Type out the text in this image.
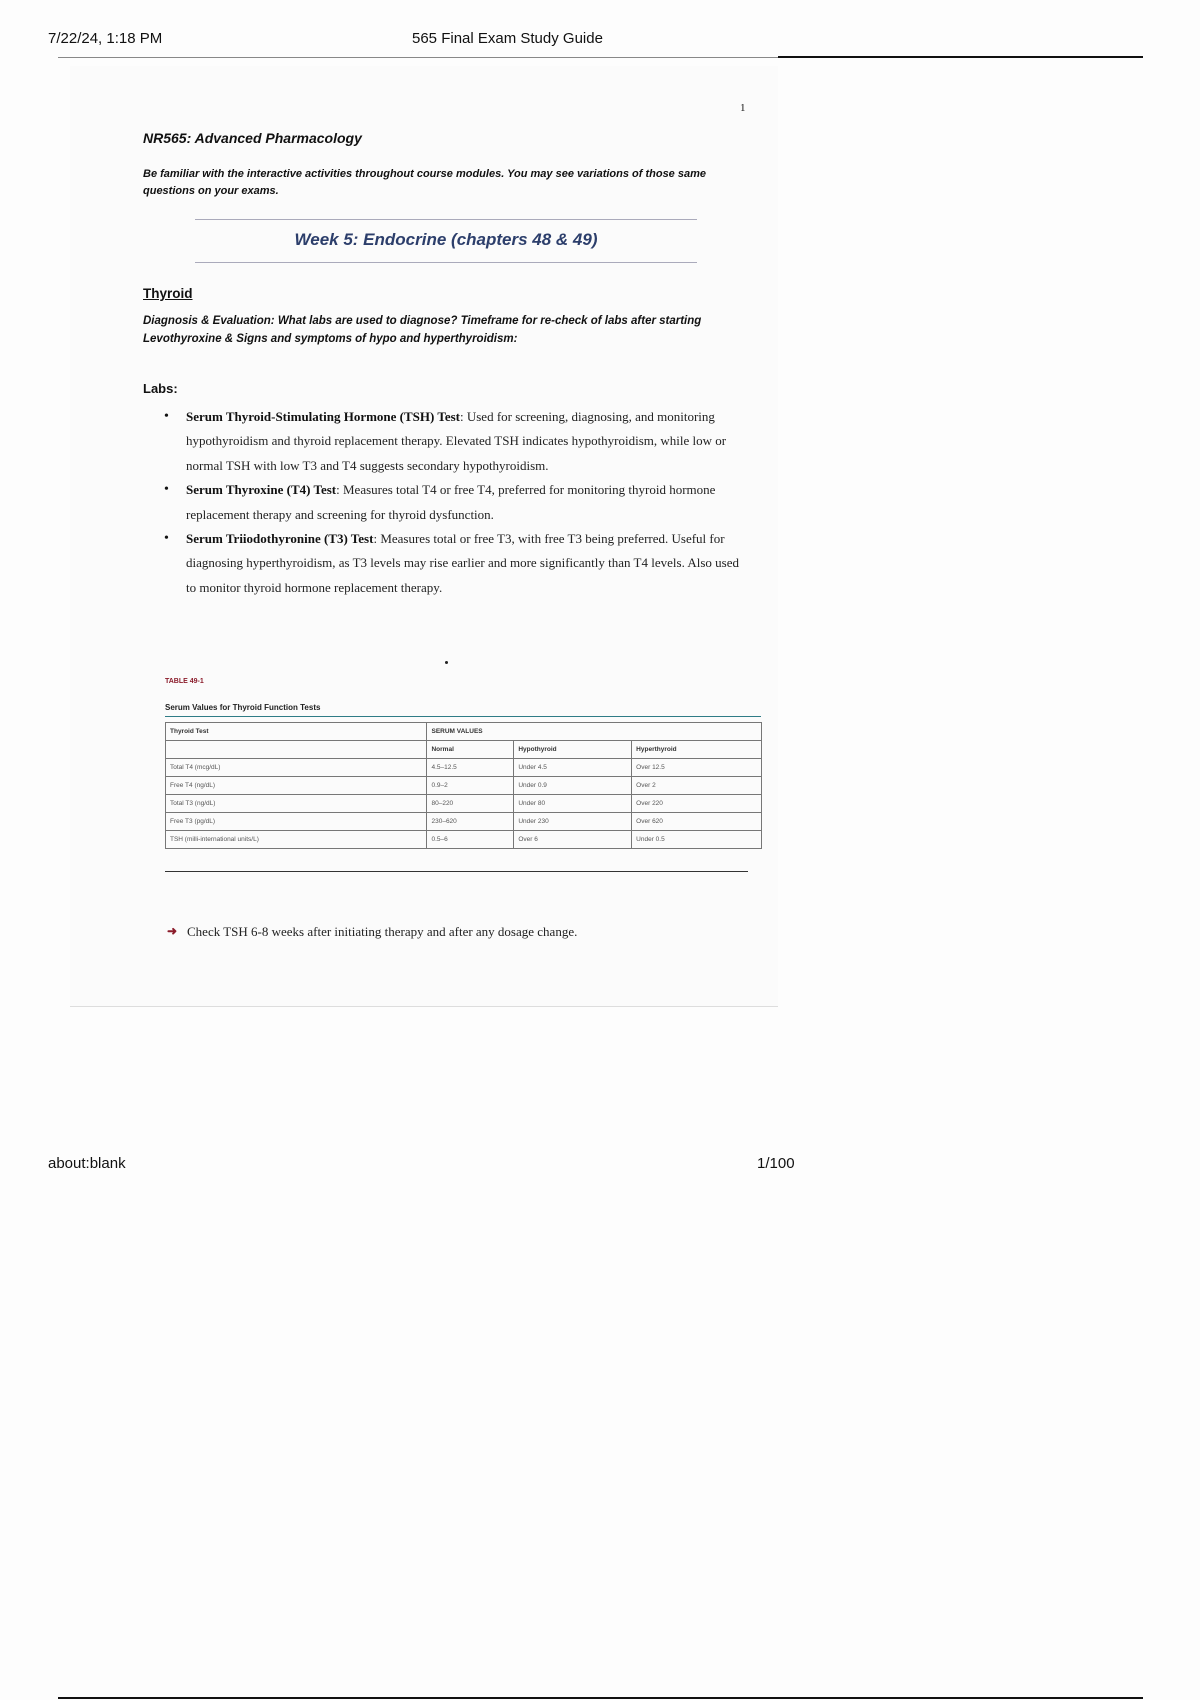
7/22/24, 1:18 PM	565 Final Exam Study Guide
1
NR565: Advanced Pharmacology
Be familiar with the interactive activities throughout course modules. You may see variations of those same questions on your exams.
Week 5: Endocrine (chapters 48 & 49)
Thyroid
Diagnosis & Evaluation: What labs are used to diagnose? Timeframe for re-check of labs after starting Levothyroxine & Signs and symptoms of hypo and hyperthyroidism:
Labs:
• Serum Thyroid-Stimulating Hormone (TSH) Test: Used for screening, diagnosing, and monitoring hypothyroidism and thyroid replacement therapy. Elevated TSH indicates hypothyroidism, while low or normal TSH with low T3 and T4 suggests secondary hypothyroidism.
• Serum Thyroxine (T4) Test: Measures total T4 or free T4, preferred for monitoring thyroid hormone replacement therapy and screening for thyroid dysfunction.
• Serum Triiodothyronine (T3) Test: Measures total or free T3, with free T3 being preferred. Useful for diagnosing hyperthyroidism, as T3 levels may rise earlier and more significantly than T4 levels. Also used to monitor thyroid hormone replacement therapy.
TABLE 49-1
Serum Values for Thyroid Function Tests
Thyroid Test	SERUM VALUES		
	Normal	Hypothyroid	Hyperthyroid
Total T4 (mcg/dL)	4.5–12.5	Under 4.5	Over 12.5
Free T4 (ng/dL)	0.9–2	Under 0.9	Over 2
Total T3 (ng/dL)	80–220	Under 80	Over 220
Free T3 (pg/dL)	230–620	Under 230	Over 620
TSH (milli-international units/L)	0.5–6	Over 6	Under 0.5
➜ Check TSH 6-8 weeks after initiating therapy and after any dosage change.
about:blank	1/100
